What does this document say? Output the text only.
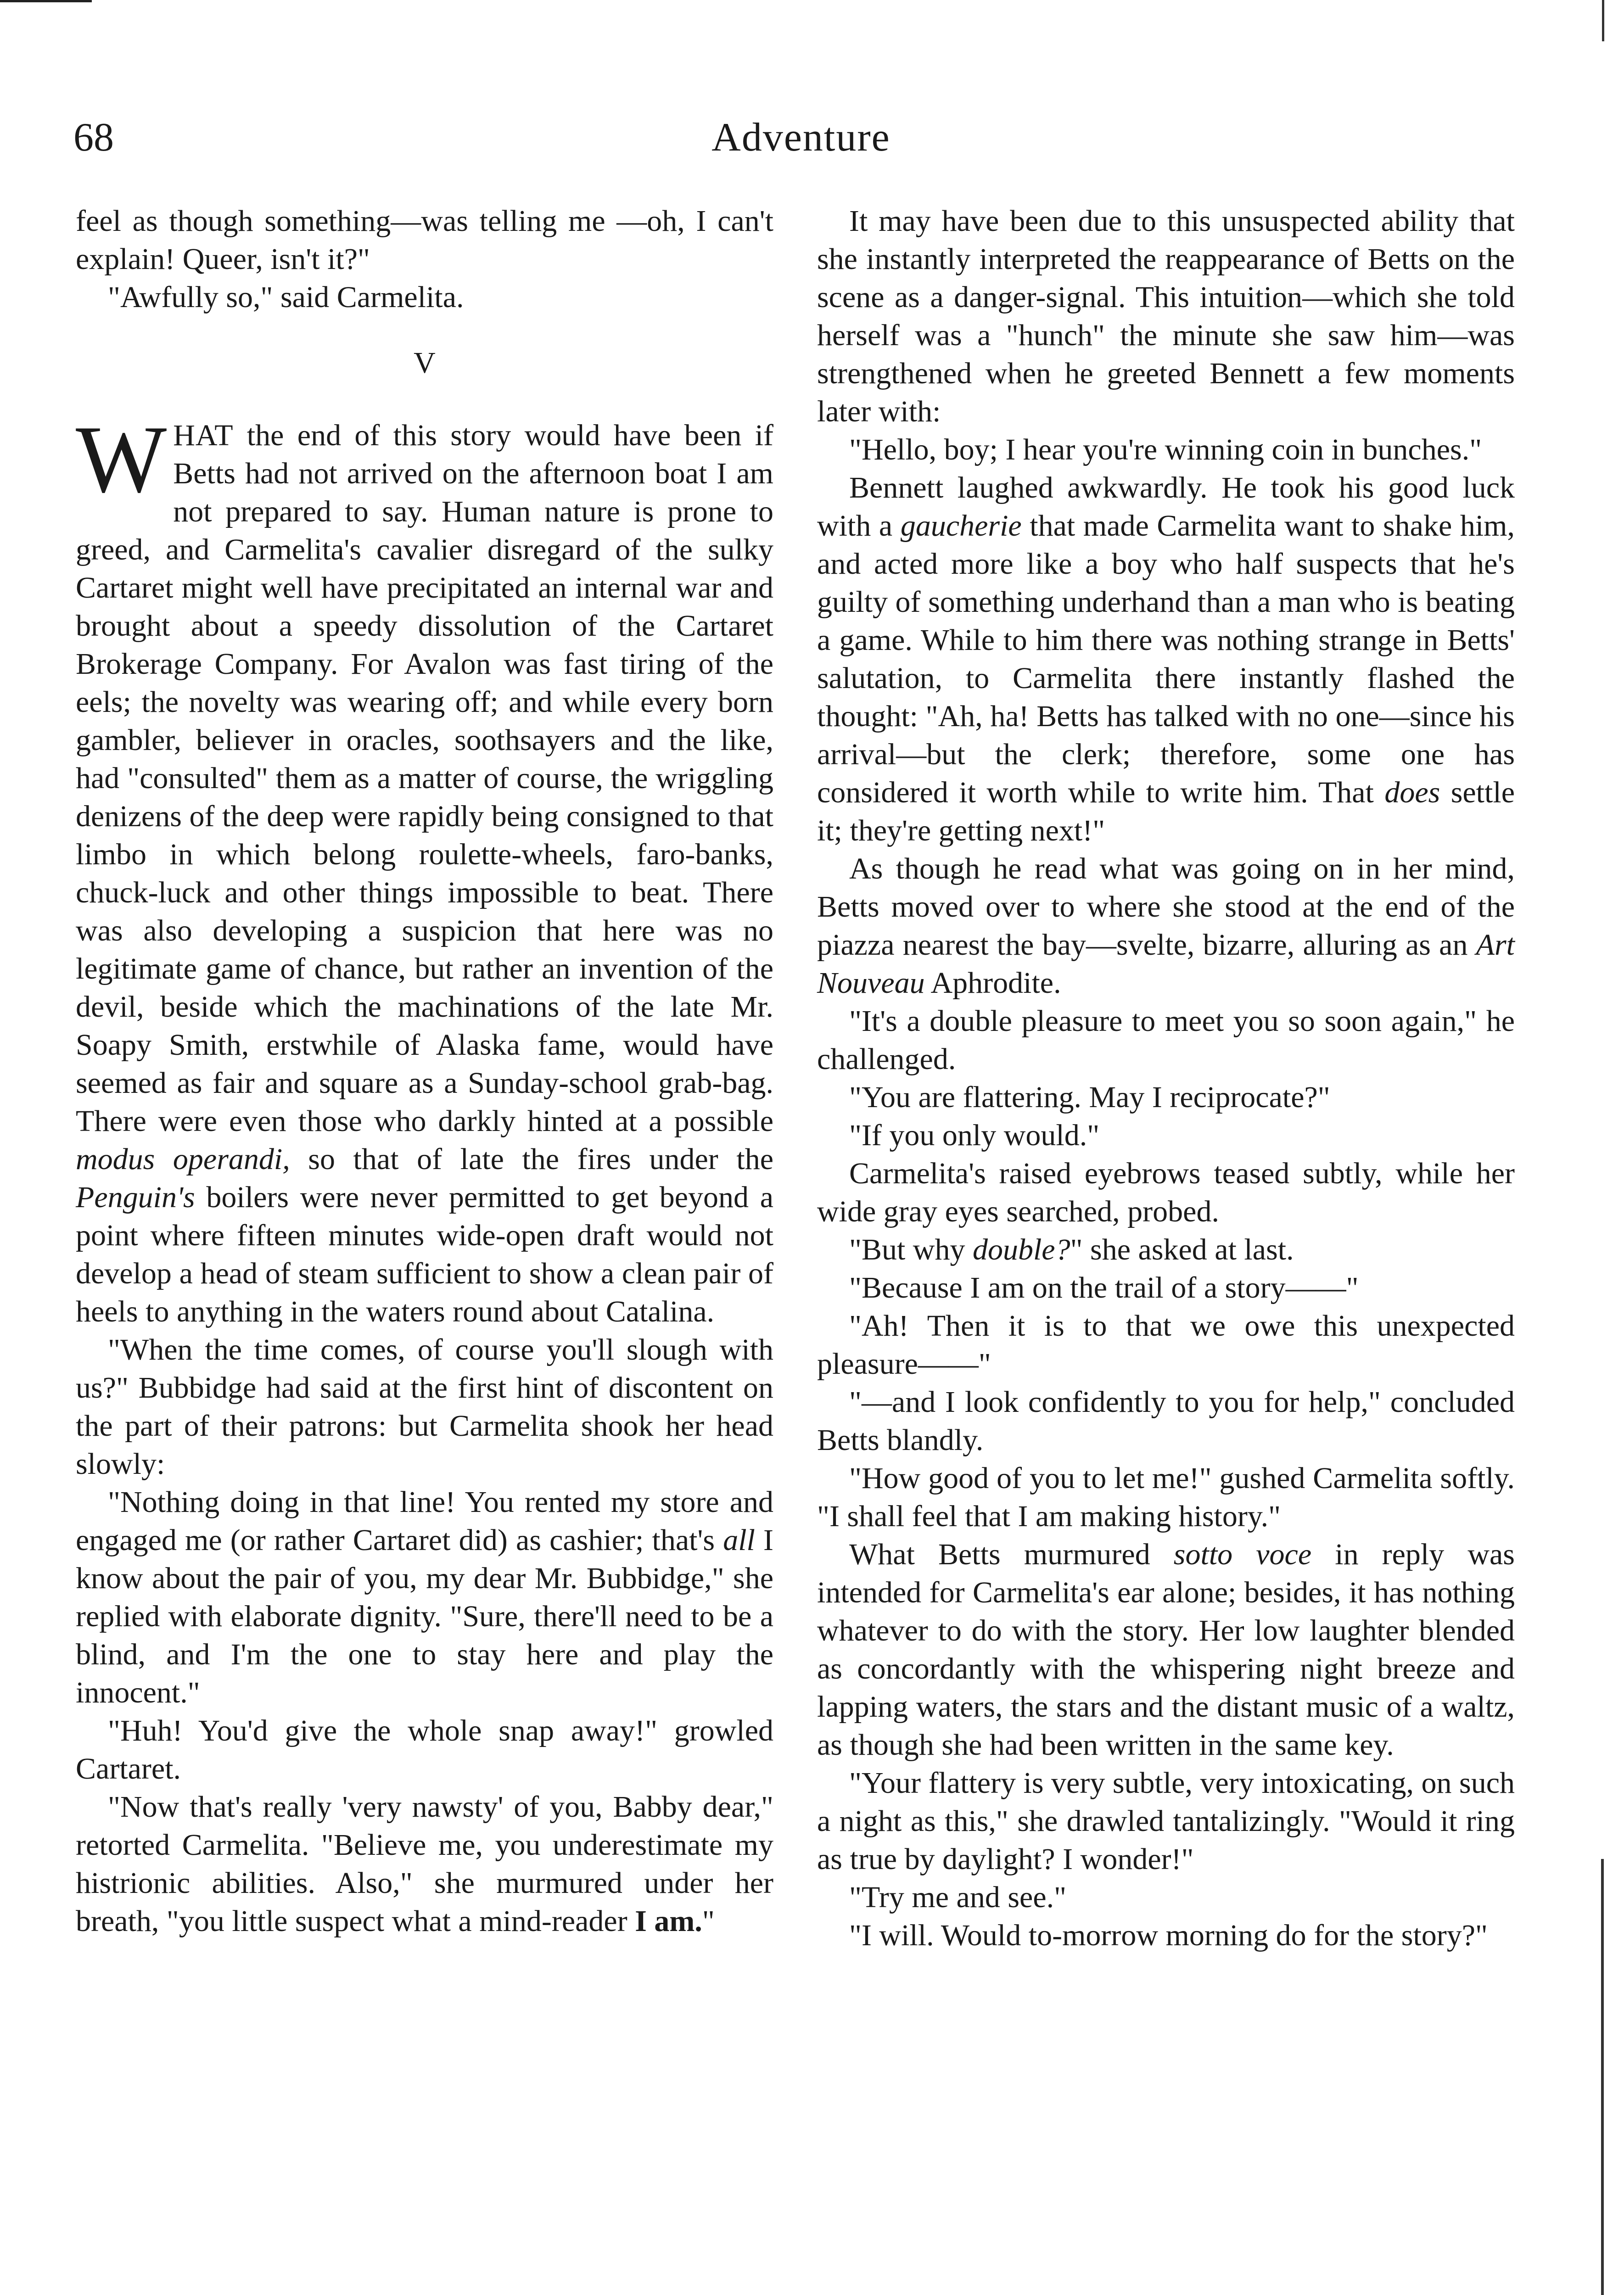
68	Adventure

feel as though something—was telling me —oh, I can't explain! Queer, isn't it?"

"Awfully so," said Carmelita.

V

WHAT the end of this story would have been if Betts had not arrived on the afternoon boat I am not prepared to say. Human nature is prone to greed, and Carmelita's cavalier disregard of the sulky Cartaret might well have precipitated an internal war and brought about a speedy dissolution of the Cartaret Brokerage Company. For Avalon was fast tiring of the eels; the novelty was wearing off; and while every born gambler, believer in oracles, soothsayers and the like, had "consulted" them as a matter of course, the wriggling denizens of the deep were rapidly being consigned to that limbo in which belong roulette-wheels, faro-banks, chuck-luck and other things impossible to beat. There was also developing a suspicion that here was no legitimate game of chance, but rather an invention of the devil, beside which the machinations of the late Mr. Soapy Smith, erstwhile of Alaska fame, would have seemed as fair and square as a Sunday-school grab-bag. There were even those who darkly hinted at a possible modus operandi, so that of late the fires under the Penguin's boilers were never permitted to get beyond a point where fifteen minutes wide-open draft would not develop a head of steam sufficient to show a clean pair of heels to anything in the waters round about Catalina.

"When the time comes, of course you'll slough with us?" Bubbidge had said at the first hint of discontent on the part of their patrons: but Carmelita shook her head slowly:

"Nothing doing in that line! You rented my store and engaged me (or rather Cartaret did) as cashier; that's all I know about the pair of you, my dear Mr. Bubbidge," she replied with elaborate dignity. "Sure, there'll need to be a blind, and I'm the one to stay here and play the innocent."

"Huh! You'd give the whole snap away!" growled Cartaret.

"Now that's really 'very nawsty' of you, Babby dear," retorted Carmelita. "Believe me, you underestimate my histrionic abilities. Also," she murmured under her breath, "you little suspect what a mind-reader I am."

It may have been due to this unsuspected ability that she instantly interpreted the reappearance of Betts on the scene as a danger-signal. This intuition—which she told herself was a "hunch" the minute she saw him—was strengthened when he greeted Bennett a few moments later with:

"Hello, boy; I hear you're winning coin in bunches."

Bennett laughed awkwardly. He took his good luck with a gaucherie that made Carmelita want to shake him, and acted more like a boy who half suspects that he's guilty of something underhand than a man who is beating a game. While to him there was nothing strange in Betts' salutation, to Carmelita there instantly flashed the thought: "Ah, ha! Betts has talked with no one—since his arrival—but the clerk; therefore, some one has considered it worth while to write him. That does settle it; they're getting next!"

As though he read what was going on in her mind, Betts moved over to where she stood at the end of the piazza nearest the bay—svelte, bizarre, alluring as an Art Nouveau Aphrodite.

"It's a double pleasure to meet you so soon again," he challenged.

"You are flattering. May I reciprocate?"

"If you only would."

Carmelita's raised eyebrows teased subtly, while her wide gray eyes searched, probed.

"But why double?" she asked at last.

"Because I am on the trail of a story——"

"Ah! Then it is to that we owe this unexpected pleasure——"

"—and I look confidently to you for help," concluded Betts blandly.

"How good of you to let me!" gushed Carmelita softly. "I shall feel that I am making history."

What Betts murmured sotto voce in reply was intended for Carmelita's ear alone; besides, it has nothing whatever to do with the story. Her low laughter blended as concordantly with the whispering night breeze and lapping waters, the stars and the distant music of a waltz, as though she had been written in the same key.

"Your flattery is very subtle, very intoxicating, on such a night as this," she drawled tantalizingly. "Would it ring as true by daylight? I wonder!"

"Try me and see."

"I will. Would to-morrow morning do for the story?"
